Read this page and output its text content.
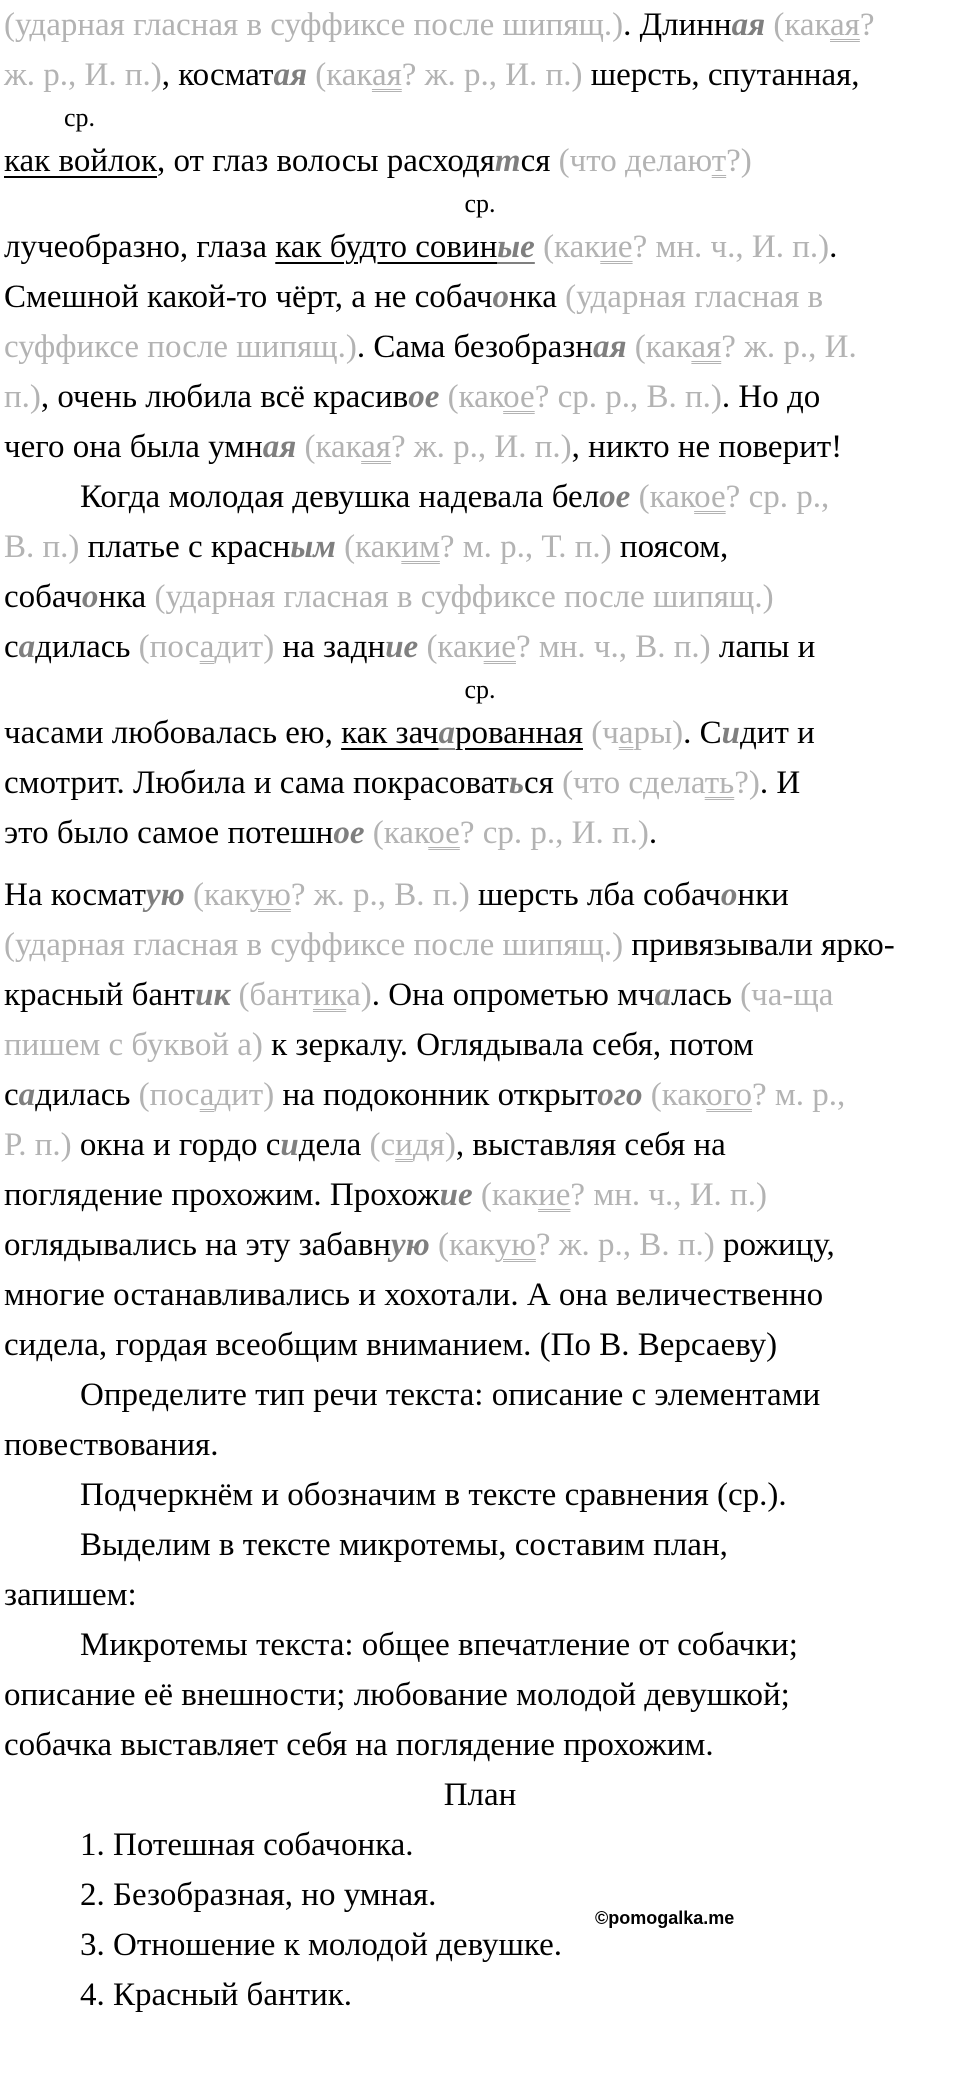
(ударная гласная в суффиксе после шипящ.). Длинная (какая?
ж. р., И. п.), косматая (какая? ж. р., И. п.) шерсть, спутанная,
ср.
как войлок, от глаз волосы расходятся (что делают?)
ср.
лучеобразно, глаза как будто совиные (какие? мн. ч., И. п.).
Смешной какой-то чёрт, а не собачонка (ударная гласная в
суффиксе после шипящ.). Сама безобразная (какая? ж. р., И.
п.), очень любила всё красивое (какое? ср. р., В. п.). Но до
чего она была умная (какая? ж. р., И. п.), никто не поверит!
Когда молодая девушка надевала белое (какое? ср. р.,
В. п.) платье с красным (каким? м. р., Т. п.) поясом,
собачонка (ударная гласная в суффиксе после шипящ.)
садилась (посадит) на задние (какие? мн. ч., В. п.) лапы и
ср.
часами любовалась ею, как зачарованная (чары). Сидит и
смотрит. Любила и сама покрасоваться (что сделать?). И
это было самое потешное (какое? ср. р., И. п.).
На косматую (какую? ж. р., В. п.) шерсть лба собачонки
(ударная гласная в суффиксе после шипящ.) привязывали ярко-
красный бантик (бантика). Она опрометью мчалась (ча-ща
пишем с буквой а) к зеркалу. Оглядывала себя, потом
садилась (посадит) на подоконник открытого (какого? м. р.,
Р. п.) окна и гордо сидела (сидя), выставляя себя на
поглядение прохожим. Прохожие (какие? мн. ч., И. п.)
оглядывались на эту забавную (какую? ж. р., В. п.) рожицу,
многие останавливались и хохотали. А она величественно
сидела, гордая всеобщим вниманием. (По В. Версаеву)
Определите тип речи текста: описание с элементами
повествования.
Подчеркнём и обозначим в тексте сравнения (ср.).
Выделим в тексте микротемы, составим план,
запишем:
Микротемы текста: общее впечатление от собачки;
описание её внешности; любование молодой девушкой;
собачка выставляет себя на поглядение прохожим.
План
1. Потешная собачонка.
2. Безобразная, но умная.
3. Отношение к молодой девушке.
4. Красный бантик.
©pomogalka.me
